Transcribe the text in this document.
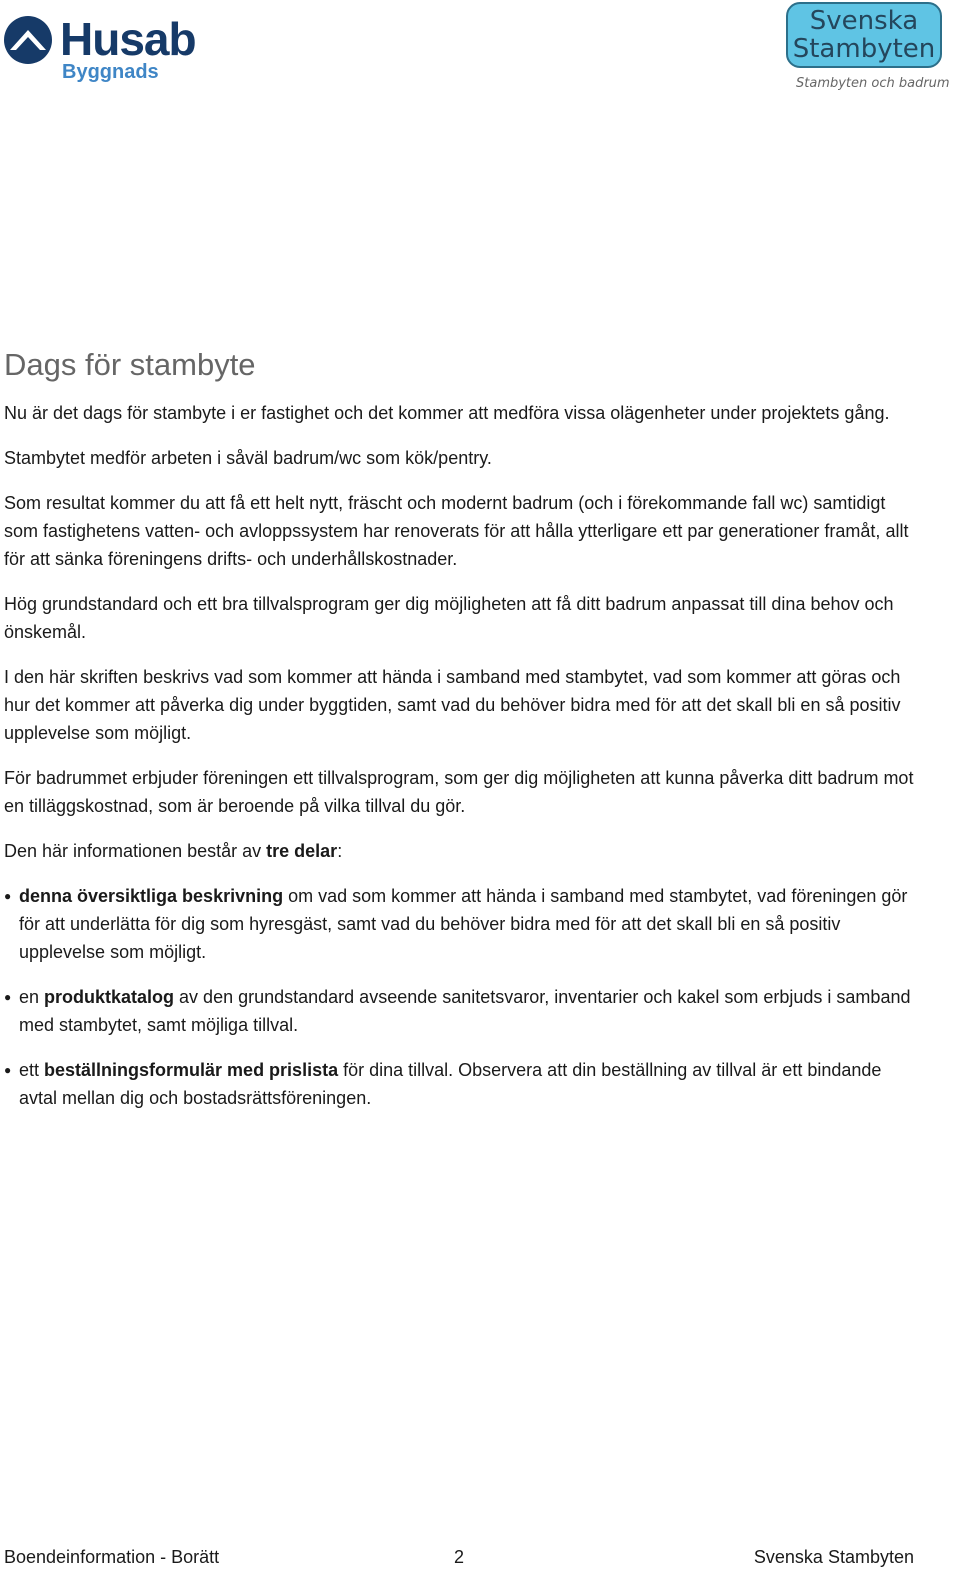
Husab
Byggnads
Svenska
Stambyten
Stambyten och badrum
Dags för stambyte

Nu är det dags för stambyte i er fastighet och det kommer att medföra vissa olägenheter under projektets gång.

Stambytet medför arbeten i såväl badrum/wc som kök/pentry.

Som resultat kommer du att få ett helt nytt, fräscht och modernt badrum (och i förekommande fall wc) samtidigt som fastighetens vatten- och avloppssystem har renoverats för att hålla ytterligare ett par generationer framåt, allt för att sänka föreningens drifts- och underhållskostnader.

Hög grundstandard och ett bra tillvalsprogram ger dig möjligheten att få ditt badrum anpassat till dina behov och önskemål.

I den här skriften beskrivs vad som kommer att hända i samband med stambytet, vad som kommer att göras och hur det kommer att påverka dig under byggtiden, samt vad du behöver bidra med för att det skall bli en så positiv upplevelse som möjligt.

För badrummet erbjuder föreningen ett tillvalsprogram, som ger dig möjligheten att kunna påverka ditt badrum mot en tilläggskostnad, som är beroende på vilka tillval du gör.

Den här informationen består av tre delar:

● denna översiktliga beskrivning om vad som kommer att hända i samband med stambytet, vad föreningen gör för att underlätta för dig som hyresgäst, samt vad du behöver bidra med för att det skall bli en så positiv upplevelse som möjligt.
● en produktkatalog av den grundstandard avseende sanitetsvaror, inventarier och kakel som erbjuds i samband med stambytet, samt möjliga tillval.
● ett beställningsformulär med prislista för dina tillval. Observera att din beställning av tillval är ett bindande avtal mellan dig och bostadsrättsföreningen.
Boendeinformation - Borätt	2	Svenska Stambyten
